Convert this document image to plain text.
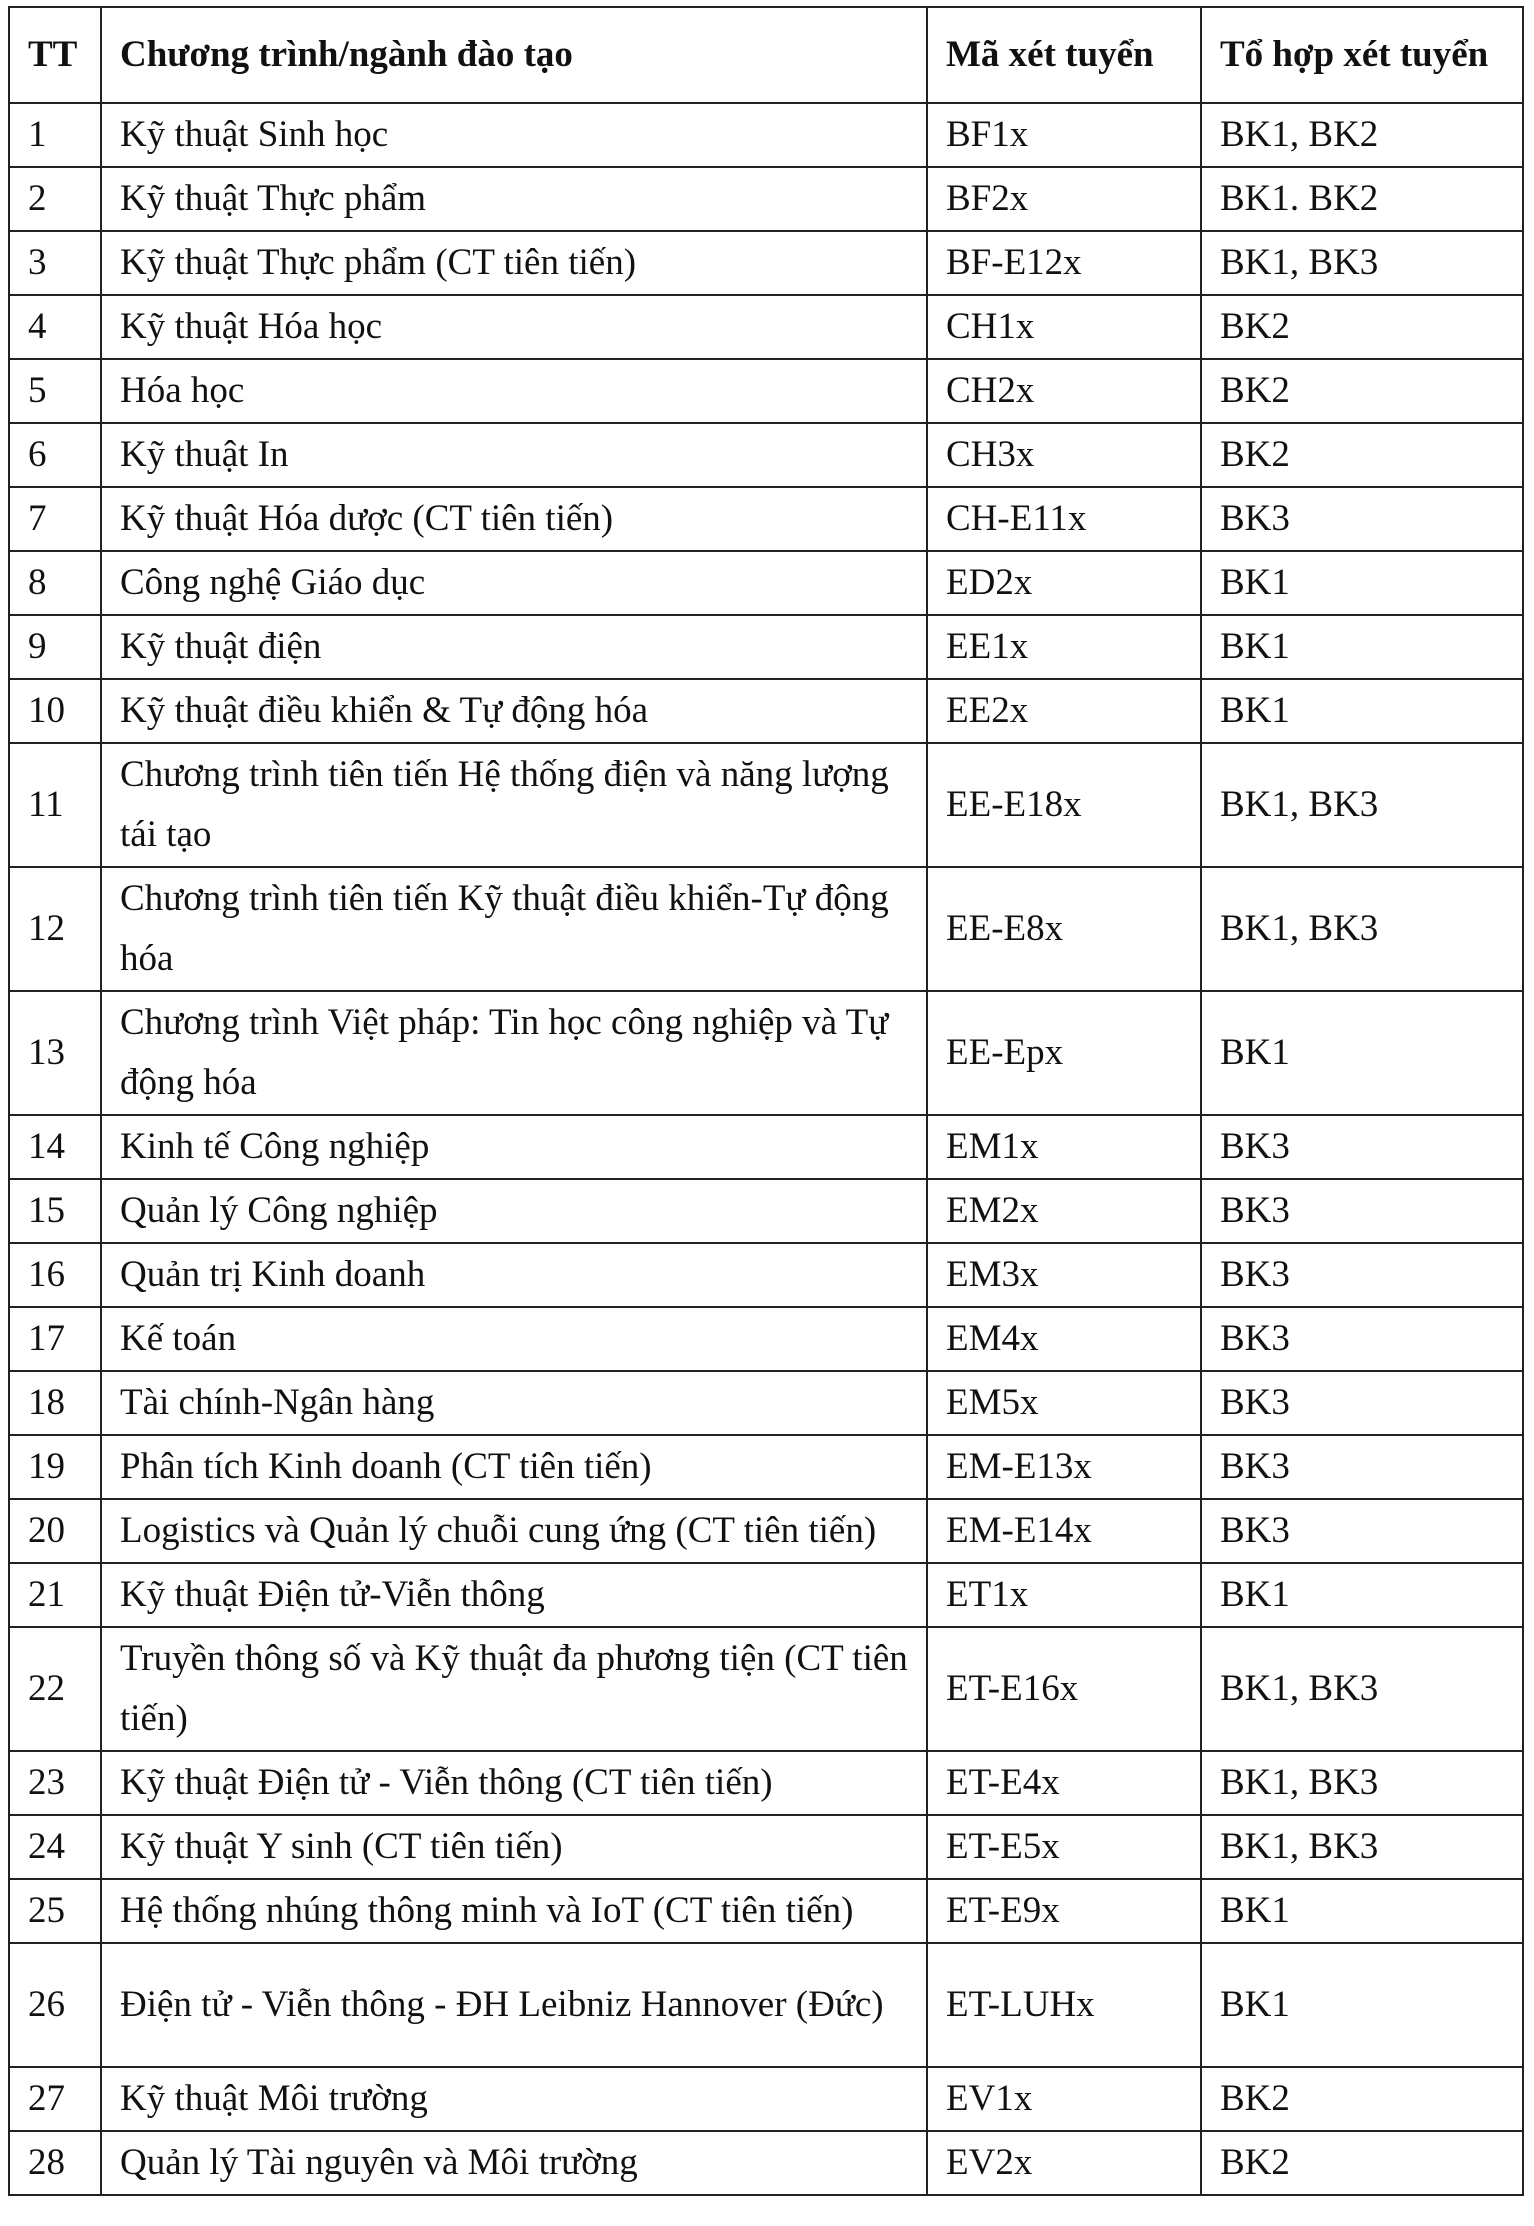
TT	Chương trình/ngành đào tạo	Mã xét tuyển	Tổ hợp xét tuyển
1	Kỹ thuật Sinh học	BF1x	BK1, BK2
2	Kỹ thuật Thực phẩm	BF2x	BK1. BK2
3	Kỹ thuật Thực phẩm (CT tiên tiến)	BF-E12x	BK1, BK3
4	Kỹ thuật Hóa học	CH1x	BK2
5	Hóa học	CH2x	BK2
6	Kỹ thuật In	CH3x	BK2
7	Kỹ thuật Hóa dược (CT tiên tiến)	CH-E11x	BK3
8	Công nghệ Giáo dục	ED2x	BK1
9	Kỹ thuật điện	EE1x	BK1
10	Kỹ thuật điều khiển & Tự động hóa	EE2x	BK1
11	Chương trình tiên tiến Hệ thống điện và năng lượng tái tạo	EE-E18x	BK1, BK3
12	Chương trình tiên tiến Kỹ thuật điều khiển-Tự động hóa	EE-E8x	BK1, BK3
13	Chương trình Việt pháp: Tin học công nghiệp và Tự động hóa	EE-Epx	BK1
14	Kinh tế Công nghiệp	EM1x	BK3
15	Quản lý Công nghiệp	EM2x	BK3
16	Quản trị Kinh doanh	EM3x	BK3
17	Kế toán	EM4x	BK3
18	Tài chính-Ngân hàng	EM5x	BK3
19	Phân tích Kinh doanh (CT tiên tiến)	EM-E13x	BK3
20	Logistics và Quản lý chuỗi cung ứng (CT tiên tiến)	EM-E14x	BK3
21	Kỹ thuật Điện tử-Viễn thông	ET1x	BK1
22	Truyền thông số và Kỹ thuật đa phương tiện (CT tiên tiến)	ET-E16x	BK1, BK3
23	Kỹ thuật Điện tử - Viễn thông (CT tiên tiến)	ET-E4x	BK1, BK3
24	Kỹ thuật Y sinh (CT tiên tiến)	ET-E5x	BK1, BK3
25	Hệ thống nhúng thông minh và IoT (CT tiên tiến)	ET-E9x	BK1
26	Điện tử - Viễn thông - ĐH Leibniz Hannover (Đức)	ET-LUHx	BK1
27	Kỹ thuật Môi trường	EV1x	BK2
28	Quản lý Tài nguyên và Môi trường	EV2x	BK2
